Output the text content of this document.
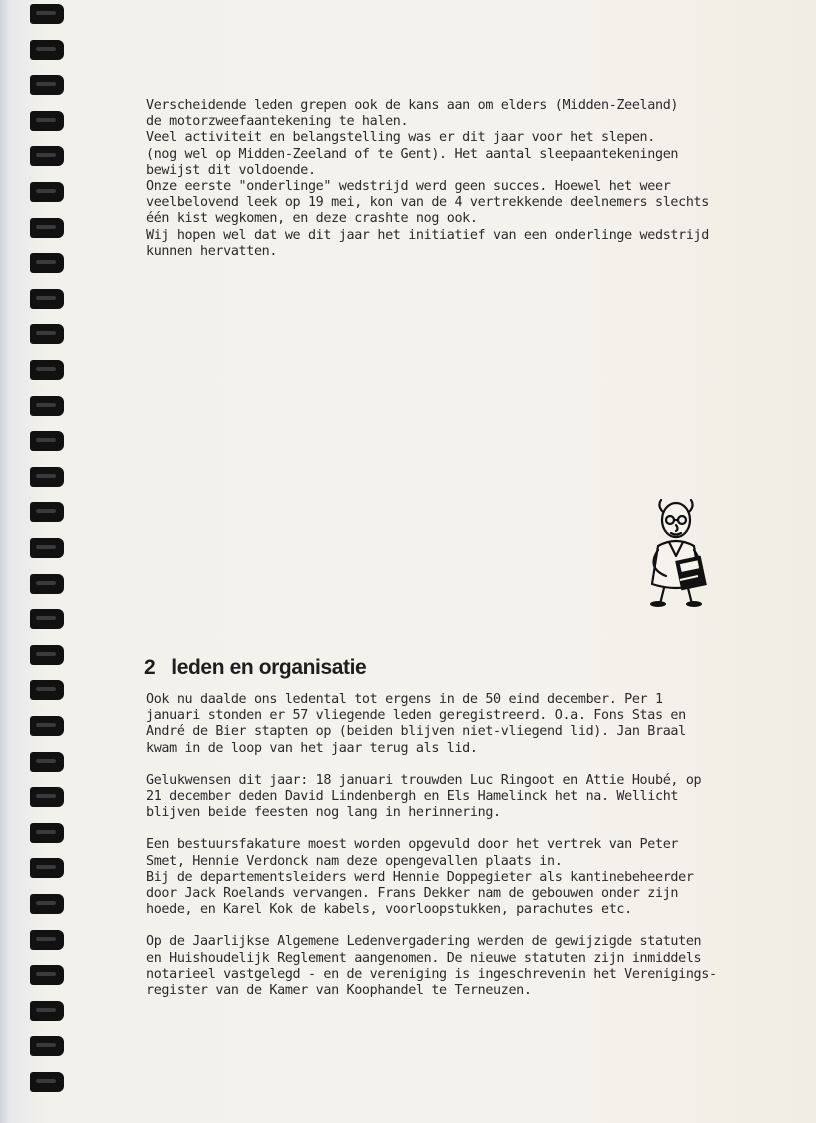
Verscheidende leden grepen ook de kans aan om elders (Midden-Zeeland)

de motorzweefaantekening te halen.

Veel activiteit en belangstelling was er dit jaar voor het slepen.

(nog wel op Midden-Zeeland of te Gent). Het aantal sleepaantekeningen

bewijst dit voldoende.

Onze eerste "onderlinge" wedstrijd werd geen succes. Hoewel het weer

veelbelovend leek op 19 mei, kon van de 4 vertrekkende deelnemers slechts

één kist wegkomen, en deze crashte nog ook.

Wij hopen wel dat we dit jaar het initiatief van een onderlinge wedstrijd

kunnen hervatten.

2 leden en organisatie

Ook nu daalde ons ledental tot ergens in de 50 eind december. Per 1

januari stonden er 57 vliegende leden geregistreerd. O.a. Fons Stas en

André de Bier stapten op (beiden blijven niet-vliegend lid). Jan Braal

kwam in de loop van het jaar terug als lid.

Gelukwensen dit jaar: 18 januari trouwden Luc Ringoot en Attie Houbé, op

21 december deden David Lindenbergh en Els Hamelinck het na. Wellicht

blijven beide feesten nog lang in herinnering.

Een bestuursfakature moest worden opgevuld door het vertrek van Peter

Smet, Hennie Verdonck nam deze opengevallen plaats in.

Bij de departementsleiders werd Hennie Doppegieter als kantinebeheerder

door Jack Roelands vervangen. Frans Dekker nam de gebouwen onder zijn

hoede, en Karel Kok de kabels, voorloopstukken, parachutes etc.

Op de Jaarlijkse Algemene Ledenvergadering werden de gewijzigde statuten

en Huishoudelijk Reglement aangenomen. De nieuwe statuten zijn inmiddels

notarieel vastgelegd - en de vereniging is ingeschrevenin het Verenigings-

register van de Kamer van Koophandel te Terneuzen.
